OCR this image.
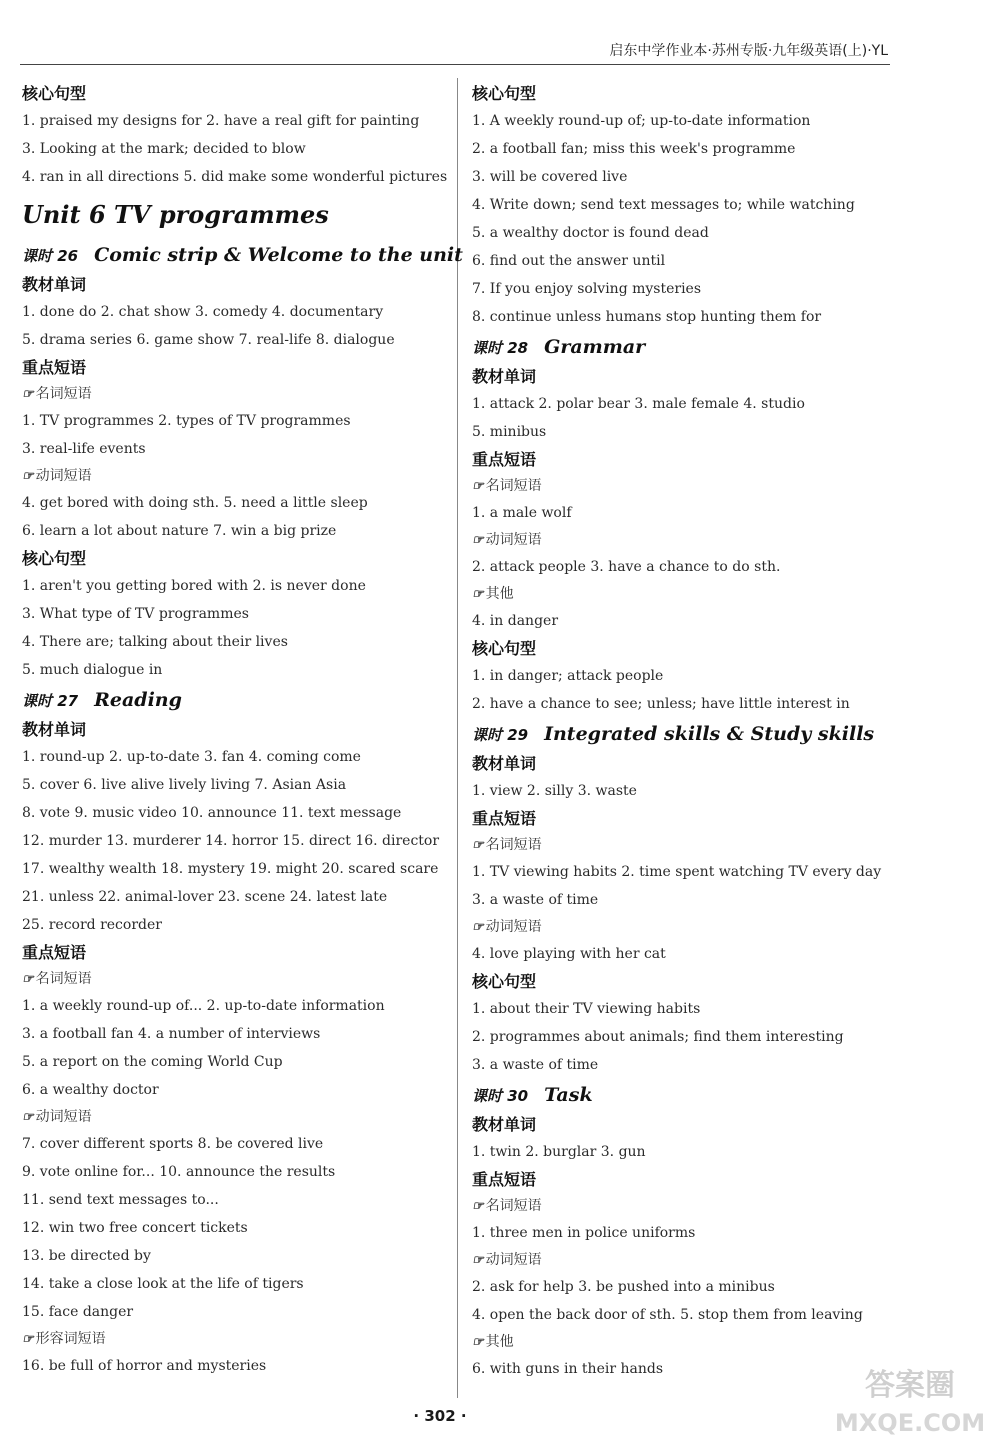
启东中学作业本·苏州专版·九年级英语(上)·YL
核心句型
1. praised my designs for 2. have a real gift for painting
3. Looking at the mark; decided to blow
4. ran in all directions 5. did make some wonderful pictures
Unit 6 TV programmes
课时 26 Comic strip & Welcome to the unit
教材单词
1. done do 2. chat show 3. comedy 4. documentary
5. drama series 6. game show 7. real-life 8. dialogue
重点短语
☞ 名词短语
1. TV programmes 2. types of TV programmes
3. real-life events
☞ 动词短语
4. get bored with doing sth. 5. need a little sleep
6. learn a lot about nature 7. win a big prize
核心句型
1. aren't you getting bored with 2. is never done
3. What type of TV programmes
4. There are; talking about their lives
5. much dialogue in
课时 27 Reading
教材单词
1. round-up 2. up-to-date 3. fan 4. coming come
5. cover 6. live alive lively living 7. Asian Asia
8. vote 9. music video 10. announce 11. text message
12. murder 13. murderer 14. horror 15. direct 16. director
17. wealthy wealth 18. mystery 19. might 20. scared scare
21. unless 22. animal-lover 23. scene 24. latest late
25. record recorder
重点短语
☞ 名词短语
1. a weekly round-up of... 2. up-to-date information
3. a football fan 4. a number of interviews
5. a report on the coming World Cup
6. a wealthy doctor
☞ 动词短语
7. cover different sports 8. be covered live
9. vote online for... 10. announce the results
11. send text messages to...
12. win two free concert tickets
13. be directed by
14. take a close look at the life of tigers
15. face danger
☞ 形容词短语
16. be full of horror and mysteries
核心句型
1. A weekly round-up of; up-to-date information
2. a football fan; miss this week's programme
3. will be covered live
4. Write down; send text messages to; while watching
5. a wealthy doctor is found dead
6. find out the answer until
7. If you enjoy solving mysteries
8. continue unless humans stop hunting them for
课时 28 Grammar
教材单词
1. attack 2. polar bear 3. male female 4. studio
5. minibus
重点短语
☞ 名词短语
1. a male wolf
☞ 动词短语
2. attack people 3. have a chance to do sth.
☞ 其他
4. in danger
核心句型
1. in danger; attack people
2. have a chance to see; unless; have little interest in
课时 29 Integrated skills & Study skills
教材单词
1. view 2. silly 3. waste
重点短语
☞ 名词短语
1. TV viewing habits 2. time spent watching TV every day
3. a waste of time
☞ 动词短语
4. love playing with her cat
核心句型
1. about their TV viewing habits
2. programmes about animals; find them interesting
3. a waste of time
课时 30 Task
教材单词
1. twin 2. burglar 3. gun
重点短语
☞ 名词短语
1. three men in police uniforms
☞ 动词短语
2. ask for help 3. be pushed into a minibus
4. open the back door of sth. 5. stop them from leaving
☞ 其他
6. with guns in their hands
· 302 ·
答案圈
MXQE.COM
